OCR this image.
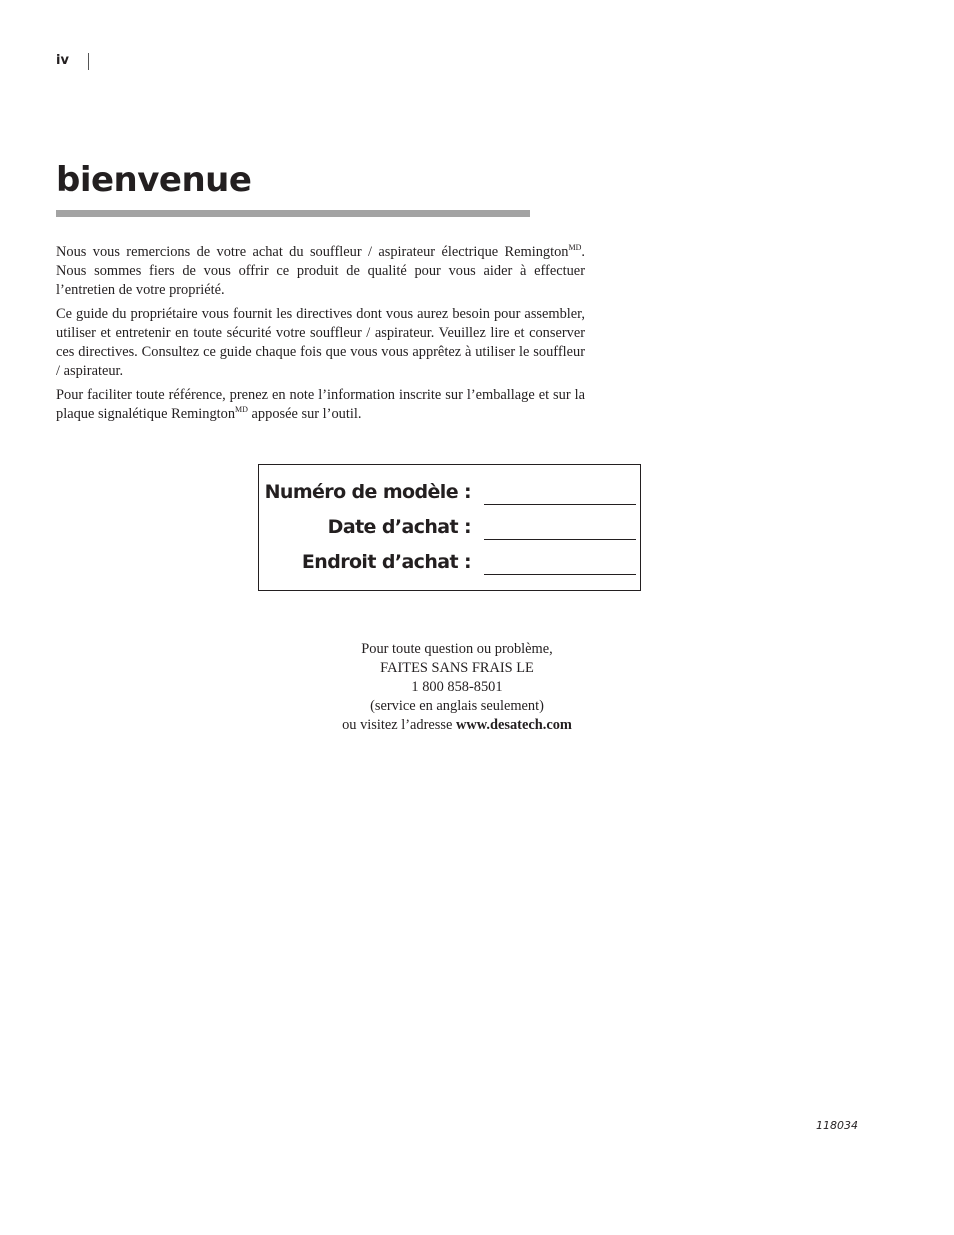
iv
bienvenue

Nous vous remercions de votre achat du souffleur / aspirateur électrique Remington$^{MD}$. Nous sommes fiers de vous offrir ce produit de qualité pour vous aider à effectuer l’entretien de votre propriété.

Ce guide du propriétaire vous fournit les directives dont vous aurez besoin pour assembler, utiliser et entretenir en toute sécurité votre souffleur / aspirateur. Veuillez lire et conserver ces directives. Consultez ce guide chaque fois que vous vous apprêtez à utiliser le souffleur / aspirateur.

Pour faciliter toute référence, prenez en note l’information inscrite sur l’emballage et sur la plaque signalétique Remington$^{MD}$ apposée sur l’outil.

Numéro de modèle :
Date d’achat :
Endroit d’achat :
Pour toute question ou problème,
FAITES SANS FRAIS LE
1 800 858-8501
(service en anglais seulement)
ou visitez l’adresse www.desatech.com
118034
